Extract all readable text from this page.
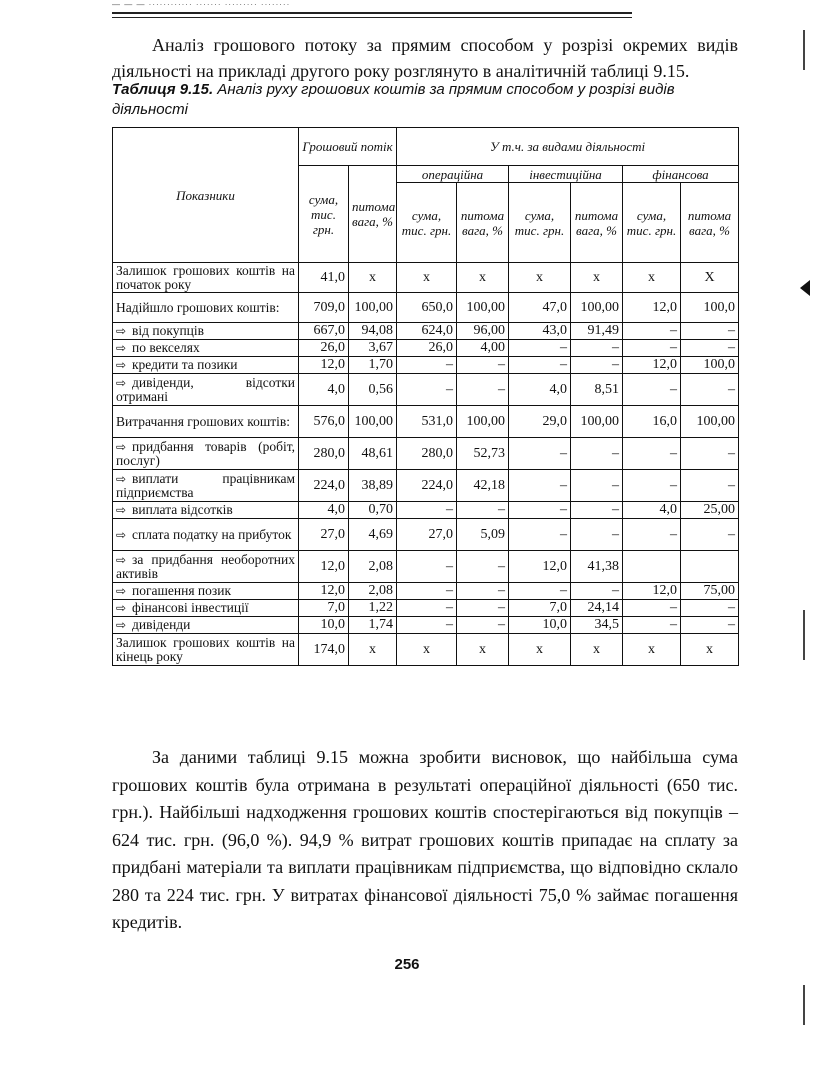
— — — ············ ······· ········· ········

Аналіз грошового потоку за прямим способом у розрізі окремих видів діяльності на прикладі другого року розглянуто в аналітичній таблиці 9.15.

Таблиця 9.15. Аналіз руху грошових коштів за прямим способом у розрізі видів діяльності

Показники	Грошовий потік		У т.ч. за видами діяльності					
	сума, тис. грн.	питома вага, %	операційна		інвестиційна		фінансова	
			сума, тис. грн.	питома вага, %	сума, тис. грн.	питома вага, %	сума, тис. грн.	питома вага, %
Залишок грошових коштів на початок року	41,0	х	х	х	х	х	х	Х
Надійшло грошових коштів:	709,0	100,00	650,0	100,00	47,0	100,00	12,0	100,0
⇨ від покупців	667,0	94,08	624,0	96,00	43,0	91,49	–	–
⇨ по векселях	26,0	3,67	26,0	4,00	–	–	–	–
⇨ кредити та позики	12,0	1,70	–	–	–	–	12,0	100,0
⇨ дивіденди, відсотки отримані	4,0	0,56	–	–	4,0	8,51	–	–
Витрачання грошових коштів:	576,0	100,00	531,0	100,00	29,0	100,00	16,0	100,00
⇨ придбання товарів (робіт, послуг)	280,0	48,61	280,0	52,73	–	–	–	–
⇨ виплати працівникам підприємства	224,0	38,89	224,0	42,18	–	–	–	–
⇨ виплата відсотків	4,0	0,70	–	–	–	–	4,0	25,00
⇨ сплата податку на прибуток	27,0	4,69	27,0	5,09	–	–	–	–
⇨ за придбання необоротних активів	12,0	2,08	–	–	12,0	41,38		
⇨ погашення позик	12,0	2,08	–	–	–	–	12,0	75,00
⇨ фінансові інвестиції	7,0	1,22	–	–	7,0	24,14	–	–
⇨ дивіденди	10,0	1,74	–	–	10,0	34,5	–	–
Залишок грошових коштів на кінець року	174,0	х	х	х	х	х	х	х

За даними таблиці 9.15 можна зробити висновок, що найбільша сума грошових коштів була отримана в результаті операційної діяльності (650 тис. грн.). Найбільші надходження грошових коштів спостерігаються від покупців – 624 тис. грн. (96,0 %). 94,9 % витрат грошових коштів припадає на сплату за придбані матеріали та виплати працівникам підприємства, що відповідно склало 280 та 224 тис. грн. У витратах фінансової діяльності 75,0 % займає погашення кредитів.

256
